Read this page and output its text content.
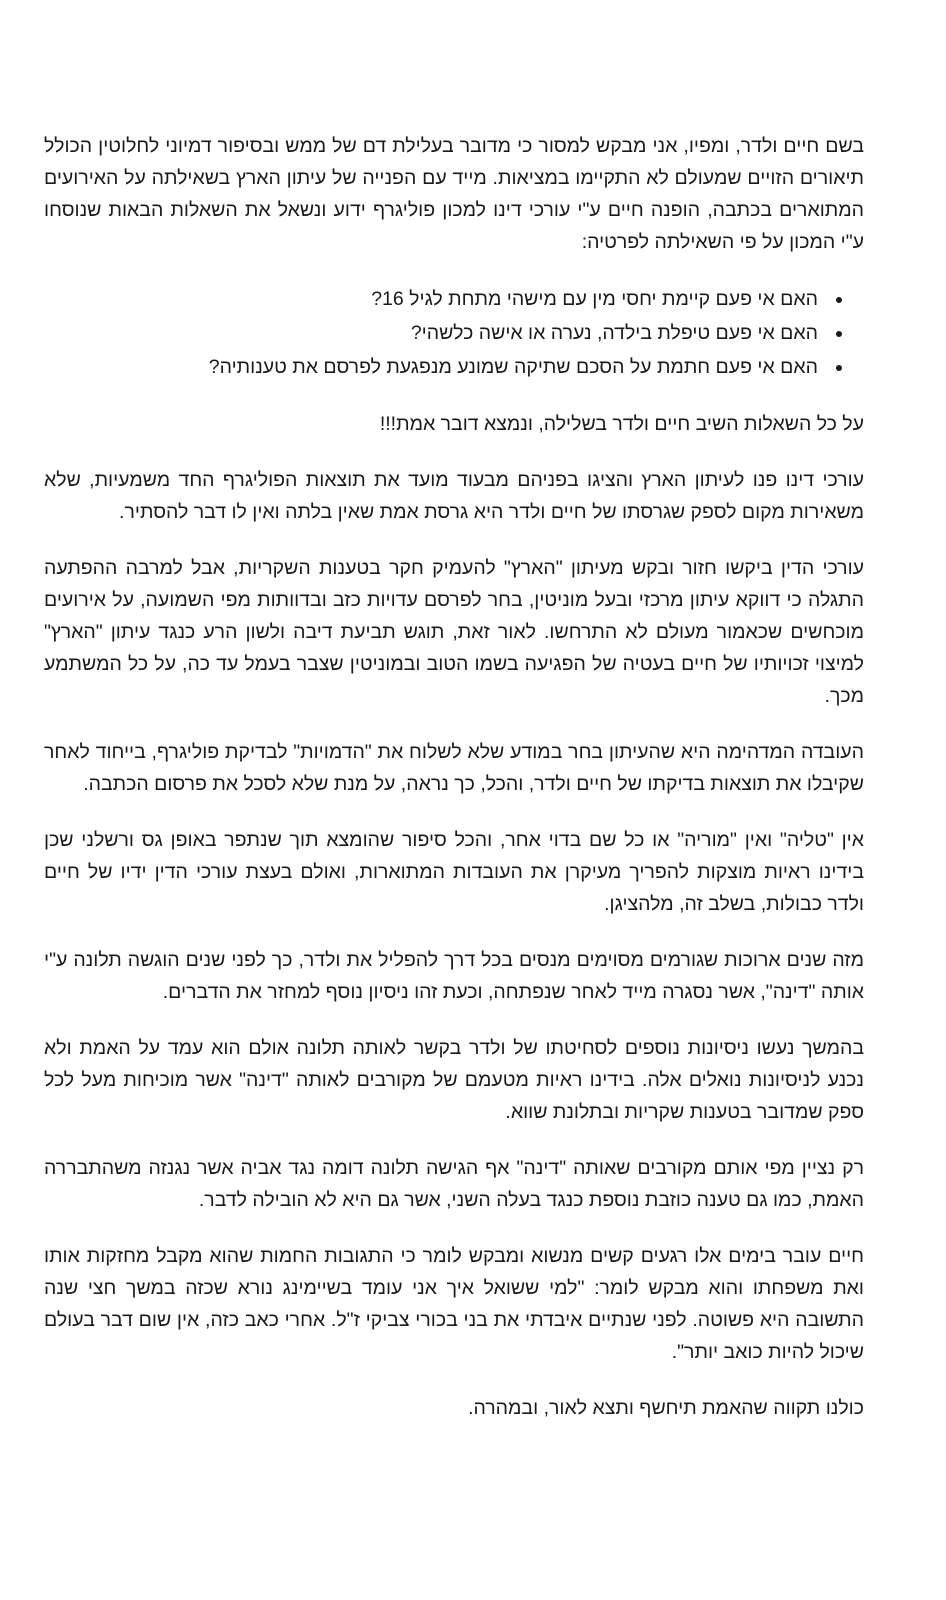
בשם חיים ולדר, ומפיו, אני מבקש למסור כי מדובר בעלילת דם של ממש ובסיפור דמיוני לחלוטין הכולל תיאורים הזויים שמעולם לא התקיימו במציאות. מייד עם הפנייה של עיתון הארץ בשאילתה על האירועים המתוארים בכתבה, הופנה חיים ע"י עורכי דינו למכון פוליגרף ידוע ונשאל את השאלות הבאות שנוסחו ע"י המכון על פי השאילתה לפרטיה:

• האם אי פעם קיימת יחסי מין עם מישהי מתחת לגיל 16?
• האם אי פעם טיפלת בילדה, נערה או אישה כלשהי?
• האם אי פעם חתמת על הסכם שתיקה שמונע מנפגעת לפרסם את טענותיה?

על כל השאלות השיב חיים ולדר בשלילה, ונמצא דובר אמת!!!

עורכי דינו פנו לעיתון הארץ והציגו בפניהם מבעוד מועד את תוצאות הפוליגרף החד משמעיות, שלא משאירות מקום לספק שגרסתו של חיים ולדר היא גרסת אמת שאין בלתה ואין לו דבר להסתיר.

עורכי הדין ביקשו חזור ובקש מעיתון "הארץ" להעמיק חקר בטענות השקריות, אבל למרבה ההפתעה התגלה כי דווקא עיתון מרכזי ובעל מוניטין, בחר לפרסם עדויות כזב ובדוותות מפי השמועה, על אירועים מוכחשים שכאמור מעולם לא התרחשו. לאור זאת, תוגש תביעת דיבה ולשון הרע כנגד עיתון "הארץ" למיצוי זכויותיו של חיים בעטיה של הפגיעה בשמו הטוב ובמוניטין שצבר בעמל עד כה, על כל המשתמע מכך.

העובדה המדהימה היא שהעיתון בחר במודע שלא לשלוח את "הדמויות" לבדיקת פוליגרף, בייחוד לאחר שקיבלו את תוצאות בדיקתו של חיים ולדר, והכל, כך נראה, על מנת שלא לסכל את פרסום הכתבה.

אין "טליה" ואין "מוריה" או כל שם בדוי אחר, והכל סיפור שהומצא תוך שנתפר באופן גס ורשלני שכן בידינו ראיות מוצקות להפריך מעיקרן את העובדות המתוארות, ואולם בעצת עורכי הדין ידיו של חיים ולדר כבולות, בשלב זה, מלהציגן.

מזה שנים ארוכות שגורמים מסוימים מנסים בכל דרך להפליל את ולדר, כך לפני שנים הוגשה תלונה ע"י אותה "דינה", אשר נסגרה מייד לאחר שנפתחה, וכעת זהו ניסיון נוסף למחזר את הדברים.

בהמשך נעשו ניסיונות נוספים לסחיטתו של ולדר בקשר לאותה תלונה אולם הוא עמד על האמת ולא נכנע לניסיונות נואלים אלה. בידינו ראיות מטעמם של מקורבים לאותה "דינה" אשר מוכיחות מעל לכל ספק שמדובר בטענות שקריות ובתלונת שווא.

רק נציין מפי אותם מקורבים שאותה "דינה" אף הגישה תלונה דומה נגד אביה אשר נגנזה משהתבררה האמת, כמו גם טענה כוזבת נוספת כנגד בעלה השני, אשר גם היא לא הובילה לדבר.

חיים עובר בימים אלו רגעים קשים מנשוא ומבקש לומר כי התגובות החמות שהוא מקבל מחזקות אותו ואת משפחתו והוא מבקש לומר: "למי ששואל איך אני עומד בשיימינג נורא שכזה במשך חצי שנה התשובה היא פשוטה. לפני שנתיים איבדתי את בני בכורי צביקי ז"ל. אחרי כאב כזה, אין שום דבר בעולם שיכול להיות כואב יותר".

כולנו תקווה שהאמת תיחשף ותצא לאור, ובמהרה.
